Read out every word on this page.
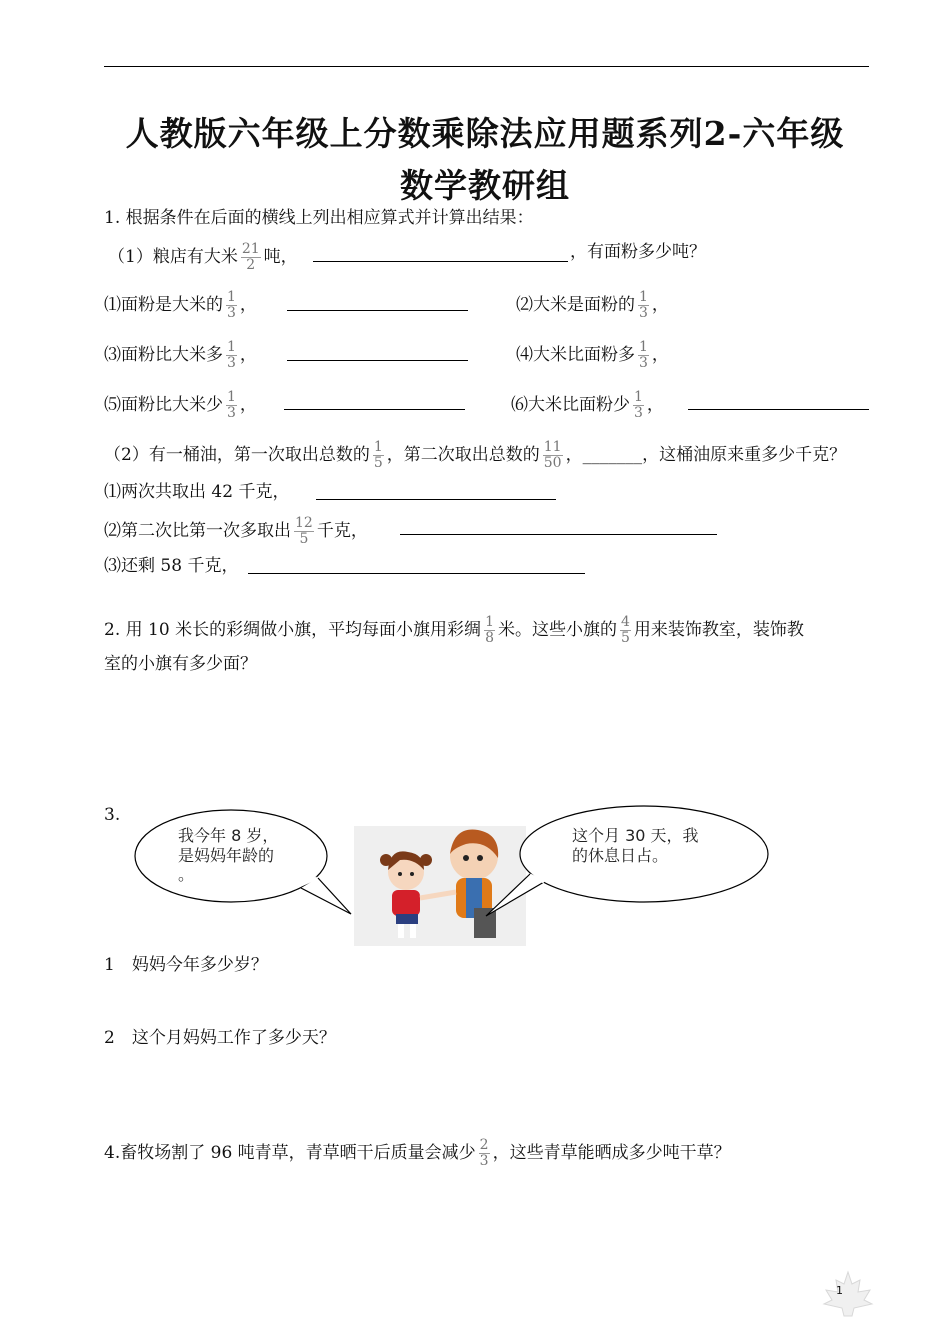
人教版六年级上分数乘除法应用题系列2-六年级
数学教研组
1. 根据条件在后面的横线上列出相应算式并计算出结果：
（1）粮店有大米 $\frac{21}{2}$ 吨，	，有面粉多少吨？
⑴面粉是大米的 $\frac{1}{3}$ ，	⑵大米是面粉的 $\frac{1}{3}$ ，
⑶面粉比大米多 $\frac{1}{3}$ ，	⑷大米比面粉多 $\frac{1}{3}$ ，
⑸面粉比大米少 $\frac{1}{3}$ ，	⑹大米比面粉少 $\frac{1}{3}$ ，
（2）有一桶油，第一次取出总数的 $\frac{1}{5}$ ，第二次取出总数的 $\frac{11}{50}$ ，_______，这桶油原来重多少千克？
⑴两次共取出 42 千克，
⑵第二次比第一次多取出 $\frac{12}{5}$ 千克，
⑶还剩 58 千克，
2. 用 10 米长的彩绸做小旗，平均每面小旗用彩绸 $\frac{1}{8}$ 米。这些小旗的 $\frac{4}{5}$ 用来装饰教室，装饰教
室的小旗有多少面？
3.
我今年 8 岁，
是妈妈年龄的
。
这个月 30 天，我
的休息日占。
1　妈妈今年多少岁？
2　这个月妈妈工作了多少天？
4.畜牧场割了 96 吨青草，青草晒干后质量会减少 $\frac{2}{3}$ ，这些青草能晒成多少吨干草？
1
